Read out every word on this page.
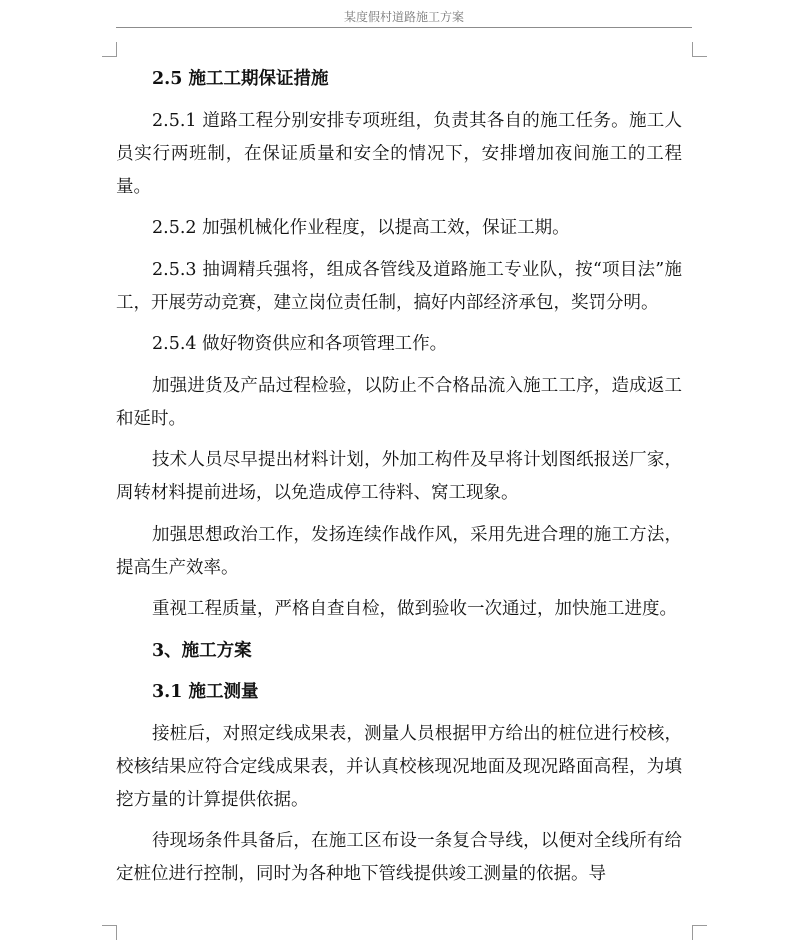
某度假村道路施工方案

2.5 施工工期保证措施

2.5.1 道路工程分别安排专项班组，负责其各自的施工任务。施工人员实行两班制，在保证质量和安全的情况下，安排增加夜间施工的工程量。

2.5.2 加强机械化作业程度，以提高工效，保证工期。

2.5.3 抽调精兵强将，组成各管线及道路施工专业队，按“项目法”施工，开展劳动竞赛，建立岗位责任制，搞好内部经济承包，奖罚分明。

2.5.4 做好物资供应和各项管理工作。

加强进货及产品过程检验，以防止不合格品流入施工工序，造成返工和延时。

技术人员尽早提出材料计划，外加工构件及早将计划图纸报送厂家，周转材料提前进场，以免造成停工待料、窝工现象。

加强思想政治工作，发扬连续作战作风，采用先进合理的施工方法，提高生产效率。

重视工程质量，严格自查自检，做到验收一次通过，加快施工进度。

3、施工方案

3.1 施工测量

接桩后，对照定线成果表，测量人员根据甲方给出的桩位进行校核，校核结果应符合定线成果表，并认真校核现况地面及现况路面高程，为填挖方量的计算提供依据。

待现场条件具备后，在施工区布设一条复合导线，以便对全线所有给定桩位进行控制，同时为各种地下管线提供竣工测量的依据。导
